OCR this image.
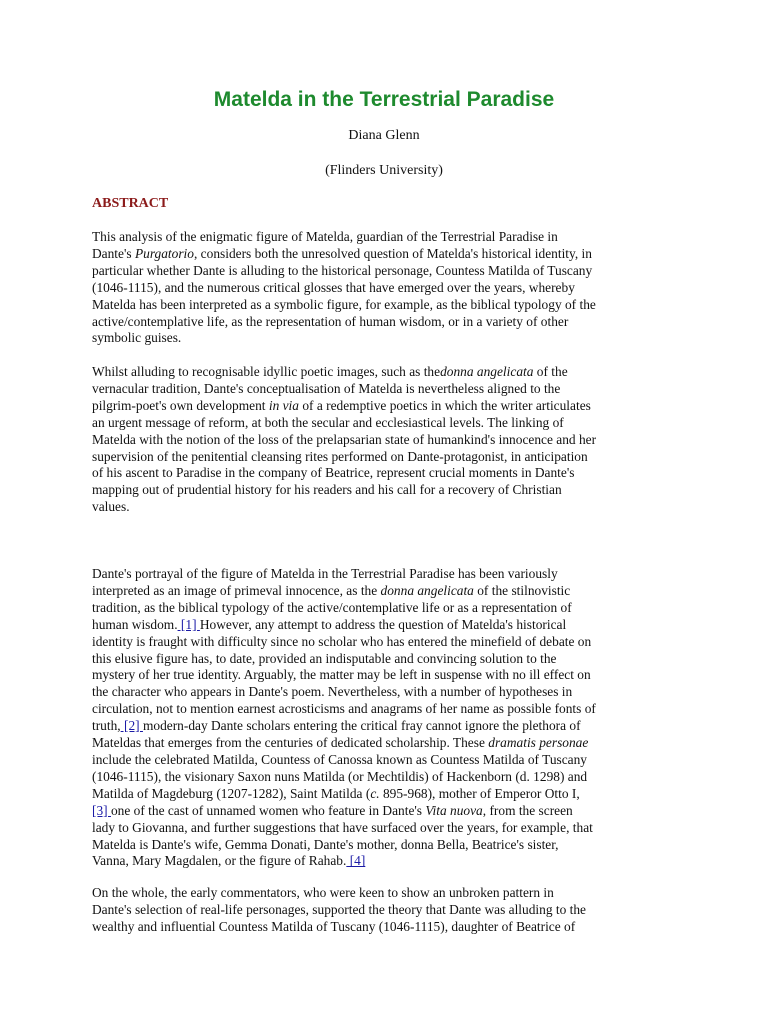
Matelda in the Terrestrial Paradise
Diana Glenn
(Flinders University)
ABSTRACT
This analysis of the enigmatic figure of Matelda, guardian of the Terrestrial Paradise in
Dante's Purgatorio, considers both the unresolved question of Matelda's historical identity, in
particular whether Dante is alluding to the historical personage, Countess Matilda of Tuscany
(1046-1115), and the numerous critical glosses that have emerged over the years, whereby
Matelda has been interpreted as a symbolic figure, for example, as the biblical typology of the
active/contemplative life, as the representation of human wisdom, or in a variety of other
symbolic guises.
Whilst alluding to recognisable idyllic poetic images, such as thedonna angelicata of the
vernacular tradition, Dante's conceptualisation of Matelda is nevertheless aligned to the
pilgrim-poet's own development in via of a redemptive poetics in which the writer articulates
an urgent message of reform, at both the secular and ecclesiastical levels. The linking of
Matelda with the notion of the loss of the prelapsarian state of humankind's innocence and her
supervision of the penitential cleansing rites performed on Dante-protagonist, in anticipation
of his ascent to Paradise in the company of Beatrice, represent crucial moments in Dante's
mapping out of prudential history for his readers and his call for a recovery of Christian
values.
Dante's portrayal of the figure of Matelda in the Terrestrial Paradise has been variously
interpreted as an image of primeval innocence, as the donna angelicata of the stilnovistic
tradition, as the biblical typology of the active/contemplative life or as a representation of
human wisdom. [1] However, any attempt to address the question of Matelda's historical
identity is fraught with difficulty since no scholar who has entered the minefield of debate on
this elusive figure has, to date, provided an indisputable and convincing solution to the
mystery of her true identity. Arguably, the matter may be left in suspense with no ill effect on
the character who appears in Dante's poem. Nevertheless, with a number of hypotheses in
circulation, not to mention earnest acrosticisms and anagrams of her name as possible fonts of
truth, [2] modern-day Dante scholars entering the critical fray cannot ignore the plethora of
Mateldas that emerges from the centuries of dedicated scholarship. These dramatis personae
include the celebrated Matilda, Countess of Canossa known as Countess Matilda of Tuscany
(1046-1115), the visionary Saxon nuns Matilda (or Mechtildis) of Hackenborn (d. 1298) and
Matilda of Magdeburg (1207-1282), Saint Matilda (c. 895-968), mother of Emperor Otto I,
[3] one of the cast of unnamed women who feature in Dante's Vita nuova, from the screen
lady to Giovanna, and further suggestions that have surfaced over the years, for example, that
Matelda is Dante's wife, Gemma Donati, Dante's mother, donna Bella, Beatrice's sister,
Vanna, Mary Magdalen, or the figure of Rahab. [4]
On the whole, the early commentators, who were keen to show an unbroken pattern in
Dante's selection of real-life personages, supported the theory that Dante was alluding to the
wealthy and influential Countess Matilda of Tuscany (1046-1115), daughter of Beatrice of
